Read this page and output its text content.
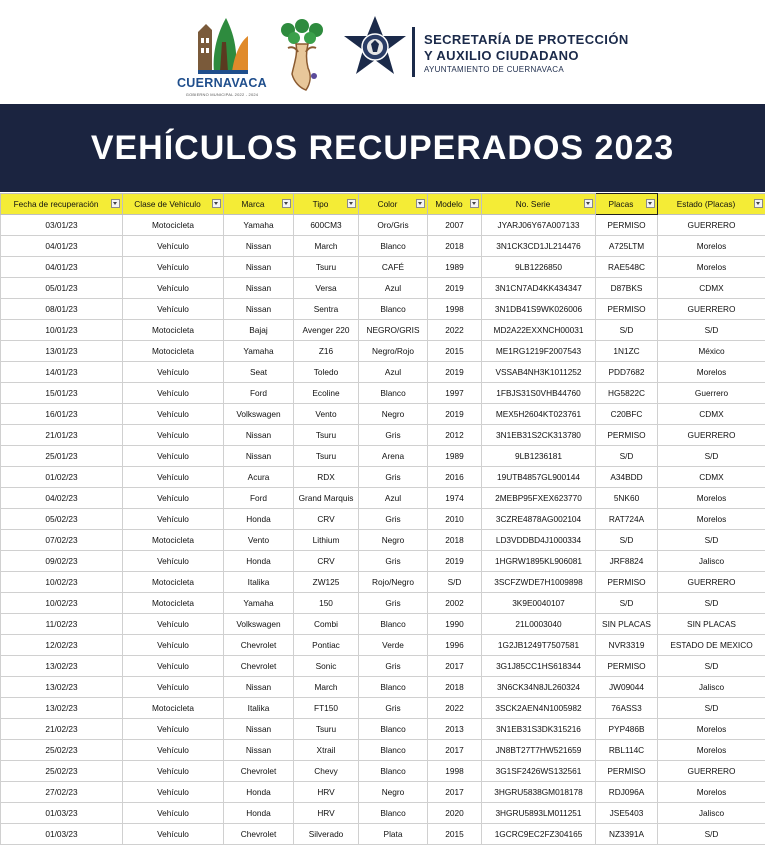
CUERNAVACA
GOBIERNO MUNICIPAL 2022 - 2024
SECRETARÍA DE PROTECCIÓN
Y AUXILIO CIUDADANO
AYUNTAMIENTO DE CUERNAVACA
VEHÍCULOS RECUPERADOS 2023
Fecha de recuperación	Clase de Vehiculo	Marca	Tipo	Color	Modelo	No. Serie	Placas	Estado (Placas)

03/01/23	Motocicleta	Yamaha	600CM3	Oro/Gris	2007	JYARJ06Y67A007133	PERMISO	GUERRERO
04/01/23	Vehículo	Nissan	March	Blanco	2018	3N1CK3CD1JL214476	A725LTM	Morelos
04/01/23	Vehículo	Nissan	Tsuru	CAFÉ	1989	9LB1226850	RAE548C	Morelos
05/01/23	Vehículo	Nissan	Versa	Azul	2019	3N1CN7AD4KK434347	D87BKS	CDMX
08/01/23	Vehículo	Nissan	Sentra	Blanco	1998	3N1DB41S9WK026006	PERMISO	GUERRERO
10/01/23	Motocicleta	Bajaj	Avenger 220	NEGRO/GRIS	2022	MD2A22EXXNCH00031	S/D	S/D
13/01/23	Motocicleta	Yamaha	Z16	Negro/Rojo	2015	ME1RG1219F2007543	1N1ZC	México
14/01/23	Vehículo	Seat	Toledo	Azul	2019	VSSAB4NH3K1011252	PDD7682	Morelos
15/01/23	Vehículo	Ford	Ecoline	Blanco	1997	1FBJS31S0VHB44760	HG5822C	Guerrero
16/01/23	Vehículo	Volkswagen	Vento	Negro	2019	MEX5H2604KT023761	C20BFC	CDMX
21/01/23	Vehículo	Nissan	Tsuru	Gris	2012	3N1EB31S2CK313780	PERMISO	GUERRERO
25/01/23	Vehículo	Nissan	Tsuru	Arena	1989	9LB1236181	S/D	S/D
01/02/23	Vehículo	Acura	RDX	Gris	2016	19UTB4857GL900144	A34BDD	CDMX
04/02/23	Vehículo	Ford	Grand Marquis	Azul	1974	2MEBP95FXEX623770	5NK60	Morelos
05/02/23	Vehículo	Honda	CRV	Gris	2010	3CZRE4878AG002104	RAT724A	Morelos
07/02/23	Motocicleta	Vento	Lithium	Negro	2018	LD3VDDBD4J1000334	S/D	S/D
09/02/23	Vehículo	Honda	CRV	Gris	2019	1HGRW1895KL906081	JRF8824	Jalisco
10/02/23	Motocicleta	Italika	ZW125	Rojo/Negro	S/D	3SCFZWDE7H1009898	PERMISO	GUERRERO
10/02/23	Motocicleta	Yamaha	150	Gris	2002	3K9E0040107	S/D	S/D
11/02/23	Vehículo	Volkswagen	Combi	Blanco	1990	21L0003040	SIN PLACAS	SIN PLACAS
12/02/23	Vehículo	Chevrolet	Pontiac	Verde	1996	1G2JB1249T7507581	NVR3319	ESTADO DE MEXICO
13/02/23	Vehículo	Chevrolet	Sonic	Gris	2017	3G1J85CC1HS618344	PERMISO	S/D
13/02/23	Vehículo	Nissan	March	Blanco	2018	3N6CK34N8JL260324	JW09044	Jalisco
13/02/23	Motocicleta	Italika	FT150	Gris	2022	3SCK2AEN4N1005982	76ASS3	S/D
21/02/23	Vehículo	Nissan	Tsuru	Blanco	2013	3N1EB31S3DK315216	PYP486B	Morelos
25/02/23	Vehículo	Nissan	Xtrail	Blanco	2017	JN8BT27T7HW521659	RBL114C	Morelos
25/02/23	Vehículo	Chevrolet	Chevy	Blanco	1998	3G1SF2426WS132561	PERMISO	GUERRERO
27/02/23	Vehículo	Honda	HRV	Negro	2017	3HGRU5838GM018178	RDJ096A	Morelos
01/03/23	Vehículo	Honda	HRV	Blanco	2020	3HGRU5893LM011251	JSE5403	Jalisco
01/03/23	Vehículo	Chevrolet	Silverado	Plata	2015	1GCRC9EC2FZ304165	NZ3391A	S/D
